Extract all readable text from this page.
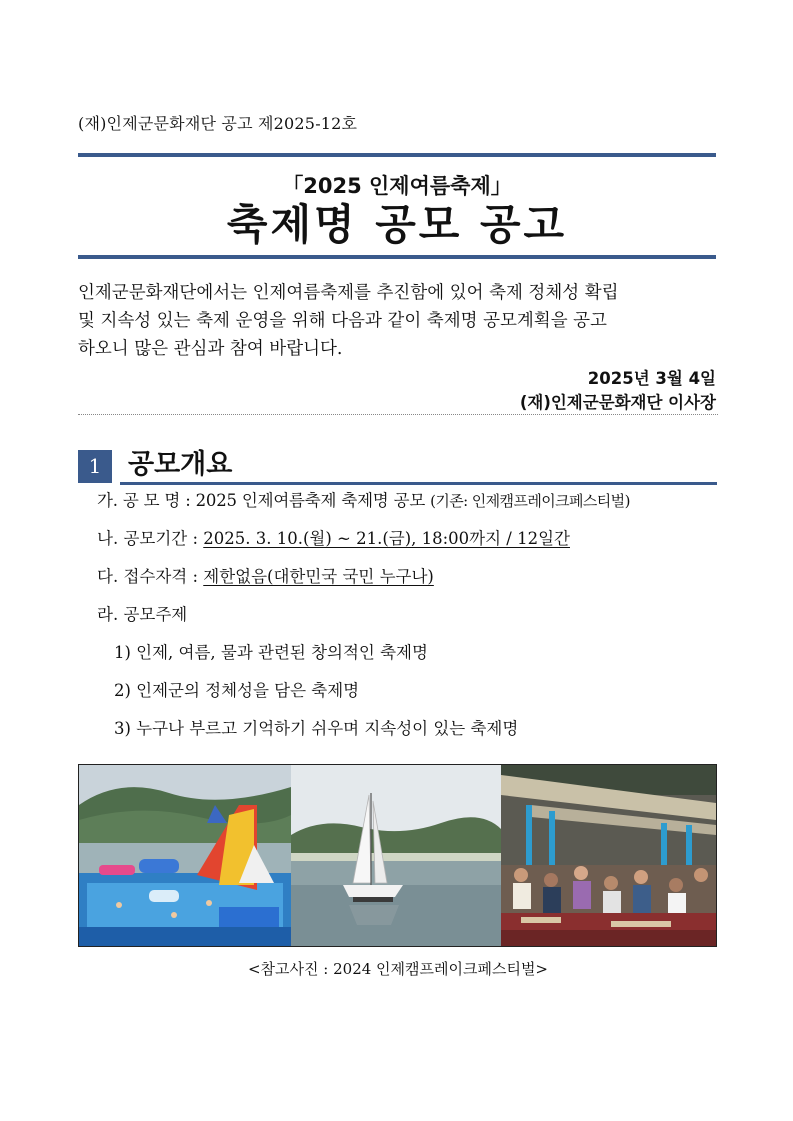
(재)인제군문화재단 공고 제2025-12호
「2025 인제여름축제」
축제명 공모 공고
인제군문화재단에서는 인제여름축제를 추진함에 있어 축제 정체성 확립
및 지속성 있는 축제 운영을 위해 다음과 같이 축제명 공모계획을 공고
하오니 많은 관심과 참여 바랍니다.
2025년 3월 4일
(재)인제군문화재단 이사장
1 공모개요
가. 공 모 명 : 2025 인제여름축제 축제명 공모 (기존: 인제캠프레이크페스티벌)
나. 공모기간 : 2025. 3. 10.(월) ~ 21.(금), 18:00까지 / 12일간
다. 접수자격 : 제한없음(대한민국 국민 누구나)
라. 공모주제
1) 인제, 여름, 물과 관련된 창의적인 축제명
2) 인제군의 정체성을 담은 축제명
3) 누구나 부르고 기억하기 쉬우며 지속성이 있는 축제명
<참고사진 : 2024 인제캠프레이크페스티벌>
